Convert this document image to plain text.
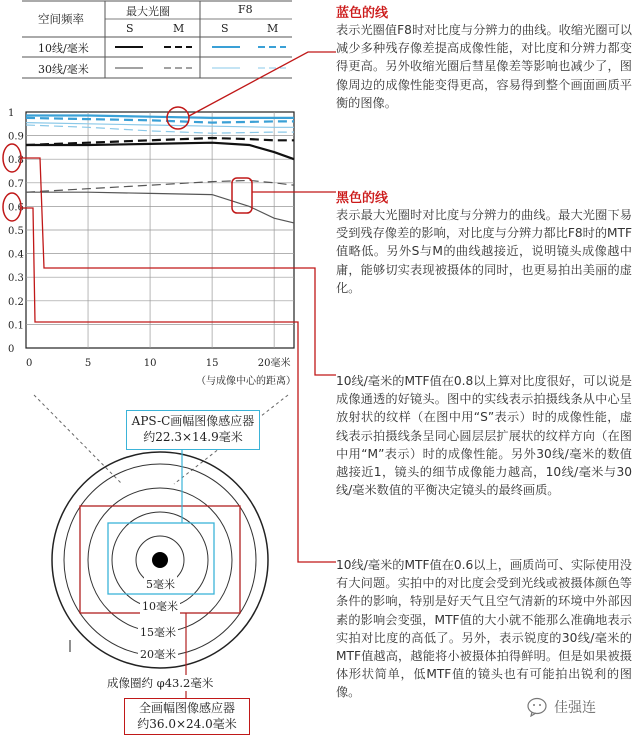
空间频率
最大光圈	F8
S	M	S	M
10线/毫米
30线/毫米
0
0.1
0.2
0.3
0.4
0.5
0.6
0.7
0.8
0.9
1
0	5	10	15	20毫米
（与成像中心的距离）
蓝色的线
表示光圈值F8时对比度与分辨力的曲线。收缩光圈可以减少多种残存像差提高成像性能，对比度和分辨力都变得更高。另外收缩光圈后彗星像差等影响也减少了，图像周边的成像性能变得更高，容易得到整个画面画质平衡的图像。
黑色的线
表示最大光圈时对比度与分辨力的曲线。最大光圈下易受到残存像差的影响，对比度与分辨力都比F8时的MTF值略低。另外S与M的曲线越接近，说明镜头成像越中庸，能够切实表现被摄体的同时，也更易拍出美丽的虚化。
10线/毫米的MTF值在0.8以上算对比度很好，可以说是成像通透的好镜头。图中的实线表示拍摄线条从中心呈放射状的纹样（在图中用“S”表示）时的成像性能，虚线表示拍摄线条呈同心圆层层扩展状的纹样方向（在图中用“M”表示）时的成像性能。另外30线/毫米的数值越接近1，镜头的细节成像能力越高，10线/毫米与30线/毫米数值的平衡决定镜头的最终画质。
10线/毫米的MTF值在0.6以上，画质尚可、实际使用没有大问题。实拍中的对比度会受到光线或被摄体颜色等条件的影响，特别是好天气且空气清新的环境中外部因素的影响会变强，MTF值的大小就不能那么准确地表示实拍对比度的高低了。另外，表示锐度的30线/毫米的MTF值越高，越能将小被摄体拍得鲜明。但是如果被摄体形状简单，低MTF值的镜头也有可能拍出锐利的图像。
APS-C画幅图像感应器
约22.3×14.9毫米
5毫米
10毫米
15毫米
20毫米
成像圈约 φ43.2毫米
全画幅图像感应器
约36.0×24.0毫米
佳强连
